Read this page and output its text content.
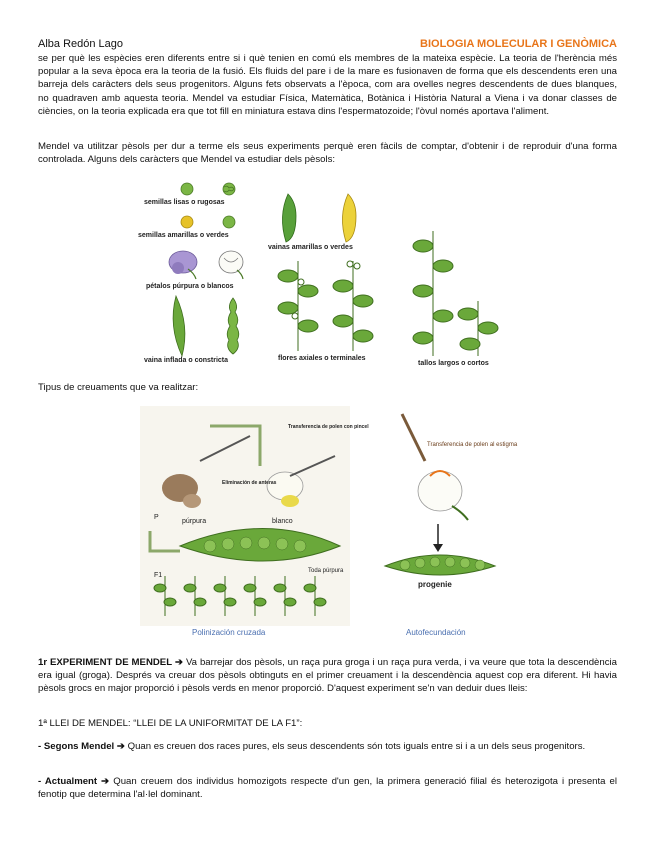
Alba Redón Lago	BIOLOGIA MOLECULAR I GENÒMICA

se per què les espècies eren diferents entre si i què tenien en comú els membres de la mateixa espècie. La teoria de l'herència més popular a la seva època era la teoria de la fusió. Els fluids del pare i de la mare es fusionaven de forma que els descendents eren una barreja dels caràcters dels seus progenitors. Alguns fets observats a l'època, com ara ovelles negres descendents de dues blanques, no quadraven amb aquesta teoria. Mendel va estudiar Física, Matemàtica, Botànica i Història Natural a Viena i va donar classes de ciències, on la teoria explicada era que tot fill en miniatura estava dins l'espermatozoide; l'òvul només aportava l'aliment.

Mendel va utilitzar pèsols per dur a terme els seus experiments perquè eren fàcils de comptar, d'obtenir i de reproduir d'una forma controlada. Alguns dels caràcters que Mendel va estudiar dels pèsols:

semillas lisas o rugosas
semillas amarillas o verdes
pétalos púrpura o blancos
vaina inflada o constricta
vainas amarillas o verdes
flores axiales o terminales
tallos largos o cortos

Tipus de creuaments que va realitzar:

Transferencia de polen con pincel
Eliminación de anteras
púrpura	blanco
P
F1
Toda púrpura
Transferencia de polen al estigma
progenie
Polinización cruzada	Autofecundación

1r EXPERIMENT DE MENDEL ➔ Va barrejar dos pèsols, un raça pura groga i un raça pura verda, i va veure que tota la descendència era igual (groga). Després va creuar dos pèsols obtinguts en el primer creuament i la descendència aquest cop era diferent. Hi havia pèsols grocs en major proporció i pèsols verds en menor proporció. D'aquest experiment se'n van deduir dues lleis:

1ª LLEI DE MENDEL: “LLEI DE LA UNIFORMITAT DE LA F1”:

- Segons Mendel ➔ Quan es creuen dos races pures, els seus descendents són tots iguals entre si i a un dels seus progenitors.

- Actualment ➔ Quan creuem dos individus homozigots respecte d'un gen, la primera generació filial és heterozigota i presenta el fenotip que determina l'al·lel dominant.
